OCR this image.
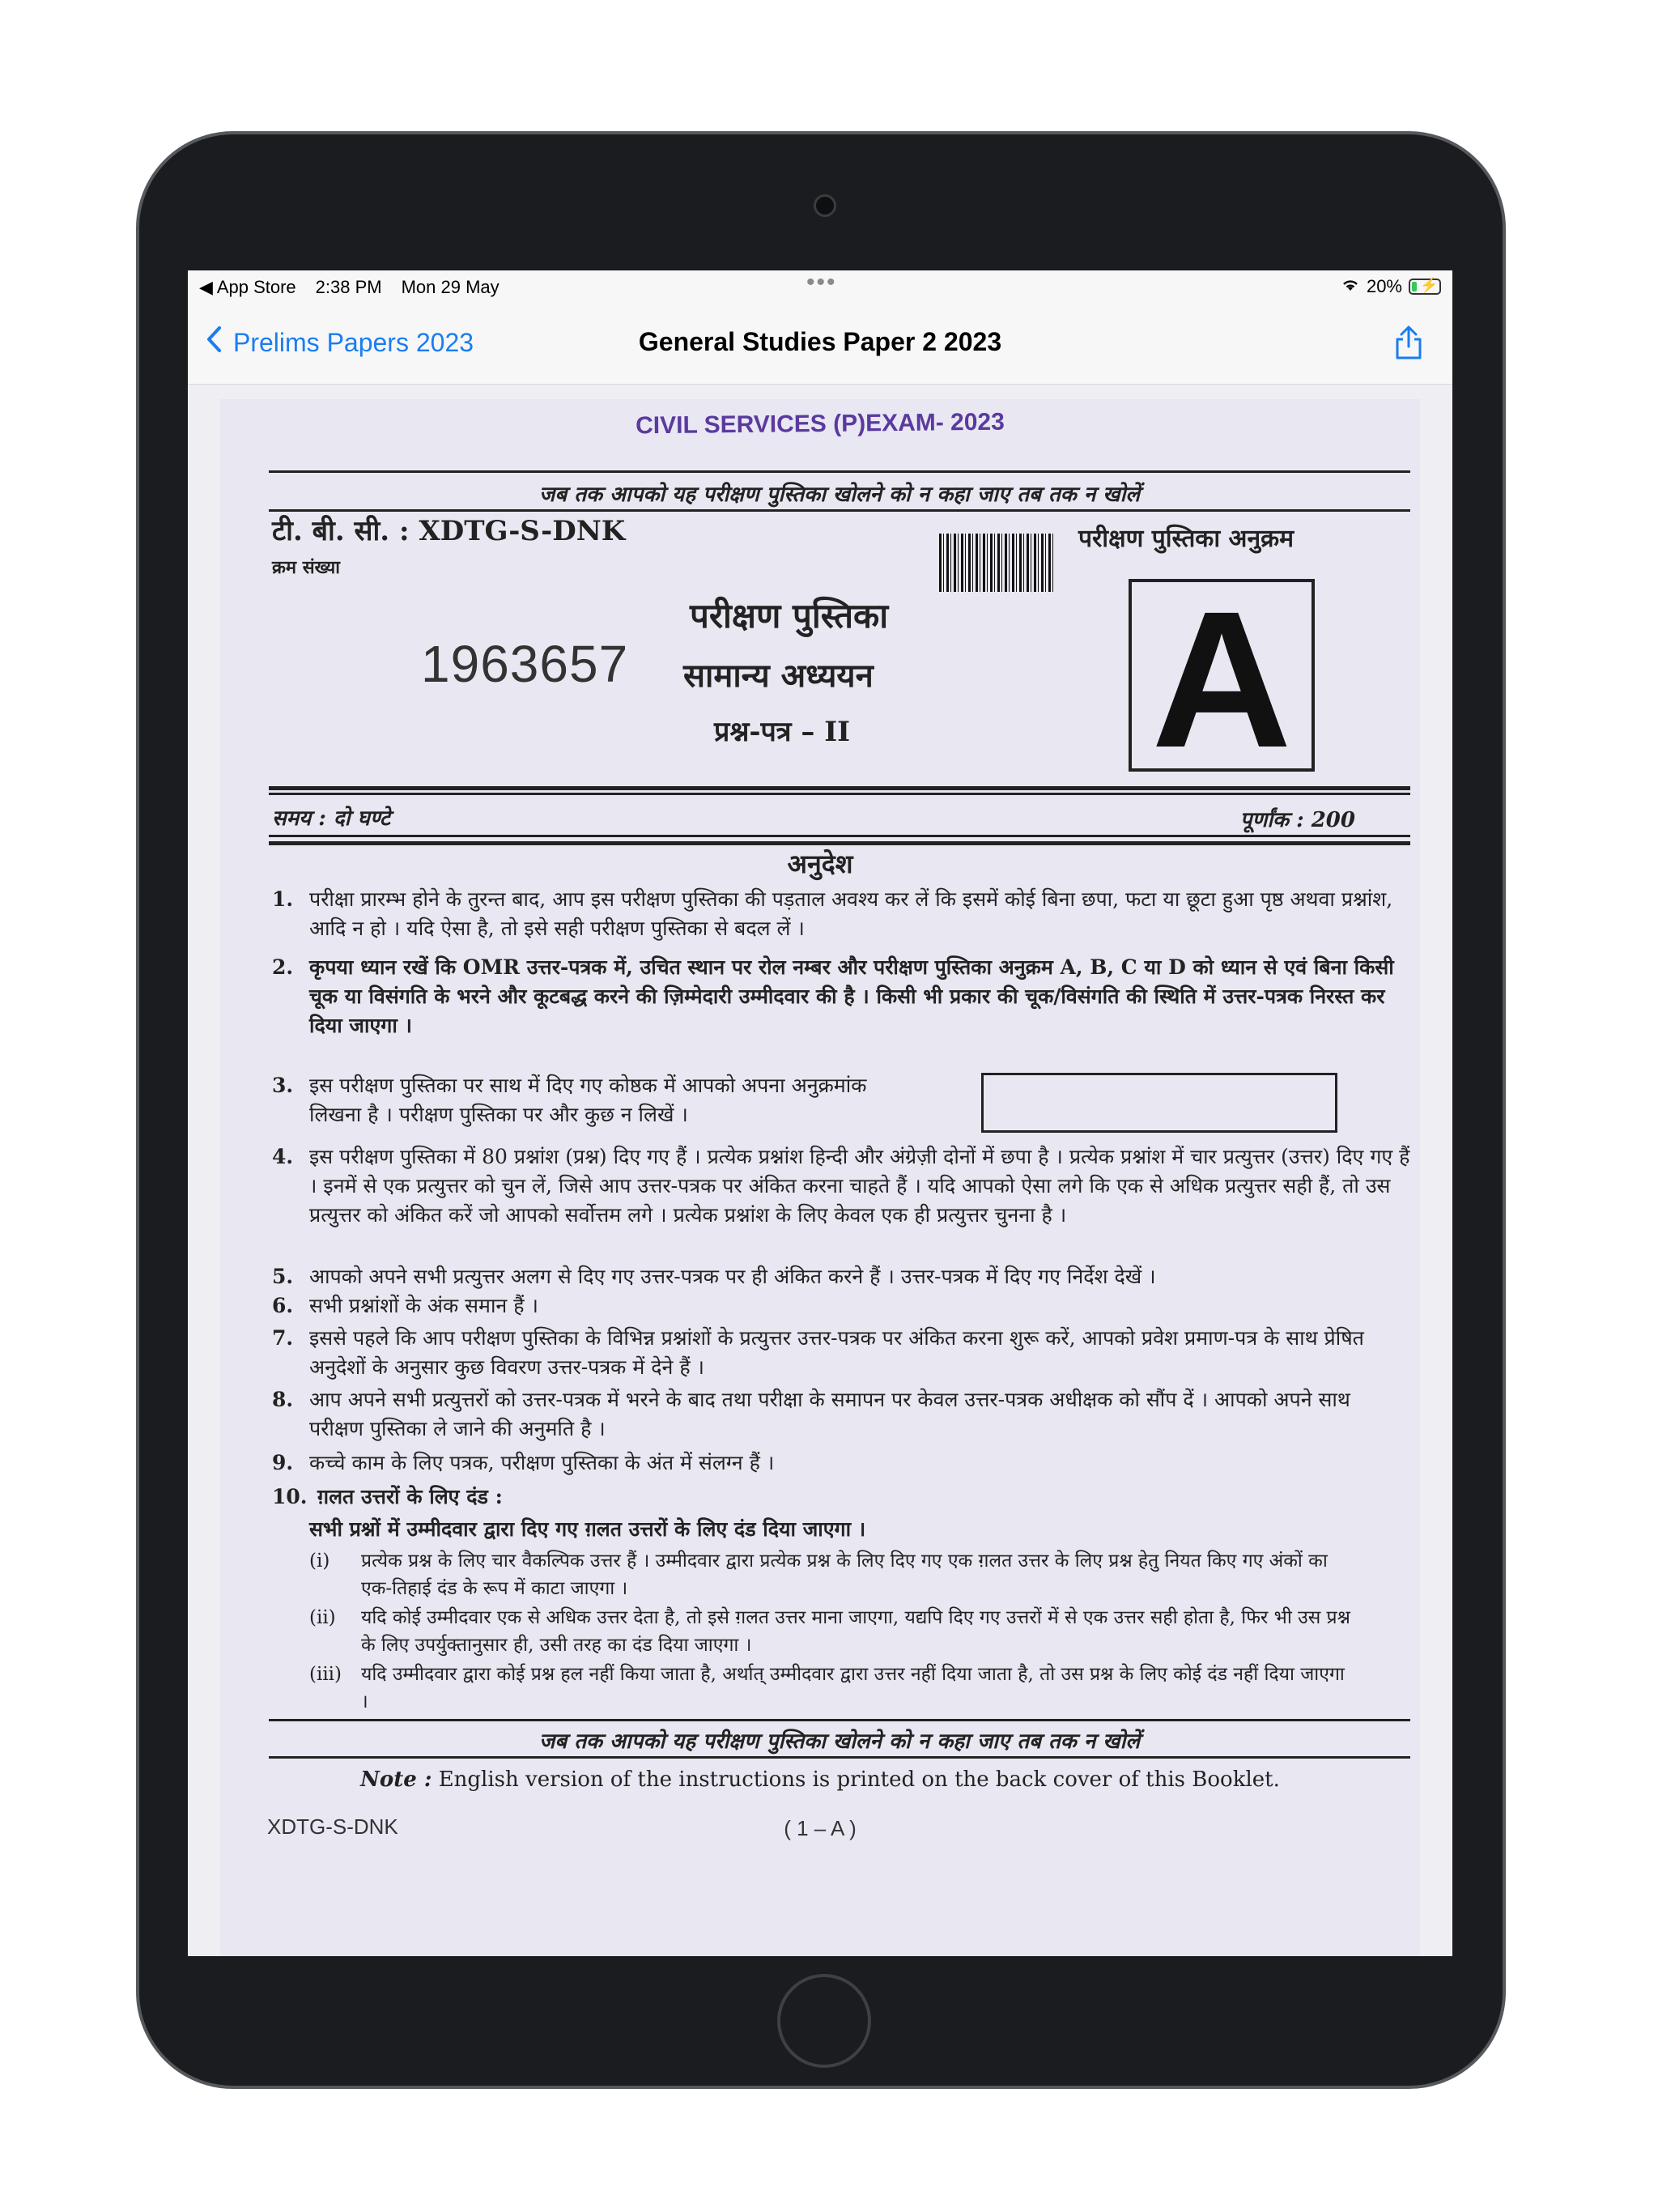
◀ App Store 2:38 PM Mon 29 May	•••	20% ⚡
Prelims Papers 2023	General Studies Paper 2 2023
CIVIL SERVICES (P)EXAM- 2023
जब तक आपको यह परीक्षण पुस्तिका खोलने को न कहा जाए तब तक न खोलें
टी. बी. सी. : XDTG-S-DNK
क्रम संख्या
1963657
परीक्षण पुस्तिका अनुक्रम
परीक्षण पुस्तिका
सामान्य अध्ययन
प्रश्न-पत्र – II A
समय : दो घण्टे	पूर्णांक : 200
अनुदेश
1. परीक्षा प्रारम्भ होने के तुरन्त बाद, आप इस परीक्षण पुस्तिका की पड़ताल अवश्य कर लें कि इसमें कोई बिना छपा, फटा या छूटा हुआ पृष्ठ अथवा प्रश्नांश, आदि न हो । यदि ऐसा है, तो इसे सही परीक्षण पुस्तिका से बदल लें ।
2. कृपया ध्यान रखें कि OMR उत्तर-पत्रक में, उचित स्थान पर रोल नम्बर और परीक्षण पुस्तिका अनुक्रम A, B, C या D को ध्यान से एवं बिना किसी चूक या विसंगति के भरने और कूटबद्ध करने की ज़िम्मेदारी उम्मीदवार की है । किसी भी प्रकार की चूक/विसंगति की स्थिति में उत्तर-पत्रक निरस्त कर दिया जाएगा ।
3. इस परीक्षण पुस्तिका पर साथ में दिए गए कोष्ठक में आपको अपना अनुक्रमांक लिखना है । परीक्षण पुस्तिका पर और कुछ न लिखें ।
4. इस परीक्षण पुस्तिका में 80 प्रश्नांश (प्रश्न) दिए गए हैं । प्रत्येक प्रश्नांश हिन्दी और अंग्रेज़ी दोनों में छपा है । प्रत्येक प्रश्नांश में चार प्रत्युत्तर (उत्तर) दिए गए हैं । इनमें से एक प्रत्युत्तर को चुन लें, जिसे आप उत्तर-पत्रक पर अंकित करना चाहते हैं । यदि आपको ऐसा लगे कि एक से अधिक प्रत्युत्तर सही हैं, तो उस प्रत्युत्तर को अंकित करें जो आपको सर्वोत्तम लगे । प्रत्येक प्रश्नांश के लिए केवल एक ही प्रत्युत्तर चुनना है ।
5. आपको अपने सभी प्रत्युत्तर अलग से दिए गए उत्तर-पत्रक पर ही अंकित करने हैं । उत्तर-पत्रक में दिए गए निर्देश देखें ।
6. सभी प्रश्नांशों के अंक समान हैं ।
7. इससे पहले कि आप परीक्षण पुस्तिका के विभिन्न प्रश्नांशों के प्रत्युत्तर उत्तर-पत्रक पर अंकित करना शुरू करें, आपको प्रवेश प्रमाण-पत्र के साथ प्रेषित अनुदेशों के अनुसार कुछ विवरण उत्तर-पत्रक में देने हैं ।
8. आप अपने सभी प्रत्युत्तरों को उत्तर-पत्रक में भरने के बाद तथा परीक्षा के समापन पर केवल उत्तर-पत्रक अधीक्षक को सौंप दें । आपको अपने साथ परीक्षण पुस्तिका ले जाने की अनुमति है ।
9. कच्चे काम के लिए पत्रक, परीक्षण पुस्तिका के अंत में संलग्न हैं ।
10. ग़लत उत्तरों के लिए दंड :
सभी प्रश्नों में उम्मीदवार द्वारा दिए गए ग़लत उत्तरों के लिए दंड दिया जाएगा ।
(i) प्रत्येक प्रश्न के लिए चार वैकल्पिक उत्तर हैं । उम्मीदवार द्वारा प्रत्येक प्रश्न के लिए दिए गए एक ग़लत उत्तर के लिए प्रश्न हेतु नियत किए गए अंकों का एक-तिहाई दंड के रूप में काटा जाएगा ।
(ii) यदि कोई उम्मीदवार एक से अधिक उत्तर देता है, तो इसे ग़लत उत्तर माना जाएगा, यद्यपि दिए गए उत्तरों में से एक उत्तर सही होता है, फिर भी उस प्रश्न के लिए उपर्युक्तानुसार ही, उसी तरह का दंड दिया जाएगा ।
(iii) यदि उम्मीदवार द्वारा कोई प्रश्न हल नहीं किया जाता है, अर्थात् उम्मीदवार द्वारा उत्तर नहीं दिया जाता है, तो उस प्रश्न के लिए कोई दंड नहीं दिया जाएगा ।
जब तक आपको यह परीक्षण पुस्तिका खोलने को न कहा जाए तब तक न खोलें
Note : English version of the instructions is printed on the back cover of this Booklet.
XDTG-S-DNK	( 1 – A )
